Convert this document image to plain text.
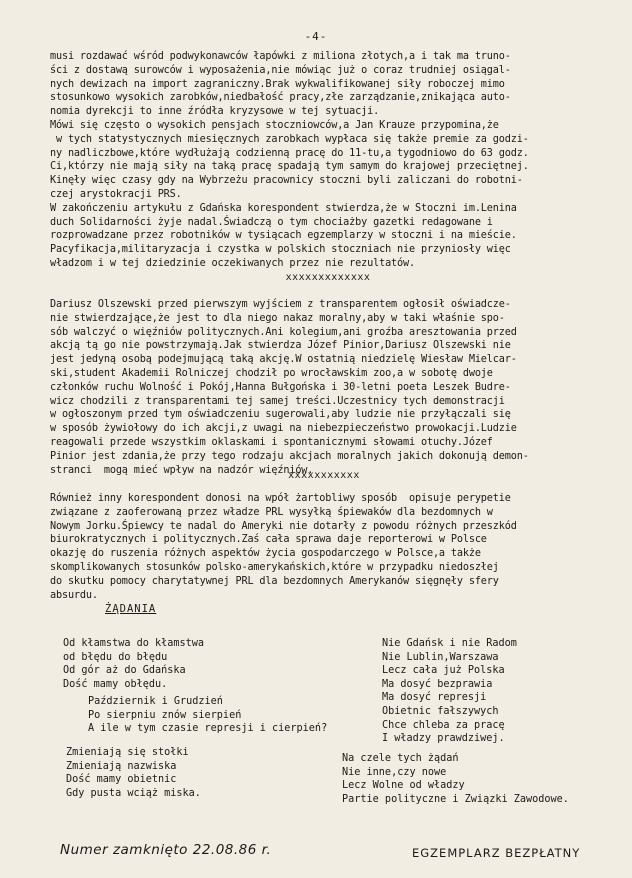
-4-
musi rozdawać wśród podwykonawców łapówki z miliona złotych,a i tak ma truno-
ści z dostawą surowców i wyposażenia,nie mówiąc już o coraz trudniej osiągal-
nych dewizach na import zagraniczny.Brak wykwalifikowanej siły roboczej mimo
stosunkowo wysokich zarobków,niedbałość pracy,złe zarządzanie,znikająca auto-
nomia dyrekcji to inne źródła kryzysowe w tej sytuacji.
Mówi się często o wysokich pensjach stoczniowców,a Jan Krauze przypomina,że
w tych statystycznych miesięcznych zarobkach wypłaca się także premie za godzi-
ny nadliczbowe,które wydłużają codzienną pracę do 11-tu,a tygodniowo do 63 godz.
Ci,którzy nie mają siły na taką pracę spadają tym samym do krajowej przeciętnej.
Kinęły więc czasy gdy na Wybrzeżu pracownicy stoczni byli zaliczani do robotni-
czej arystokracji PRS.
W zakończeniu artykułu z Gdańska korespondent stwierdza,że w Stoczni im.Lenina
duch Solidarności żyje nadal.Świadczą o tym chociażby gazetki redagowane i
rozprowadzane przez robotników w tysiącach egzemplarzy w stoczni i na mieście.
Pacyfikacja,militaryzacja i czystka w polskich stoczniach nie przyniosły więc
władzom i w tej dziedzinie oczekiwanych przez nie rezultatów.
xxxxxxxxxxxxx
Dariusz Olszewski przed pierwszym wyjściem z transparentem ogłosił oświadcze-
nie stwierdzające,że jest to dla niego nakaz moralny,aby w taki właśnie spo-
sób walczyć o więźniów politycznych.Ani kolegium,ani groźba aresztowania przed
akcją tą go nie powstrzymają.Jak stwierdza Józef Pinior,Dariusz Olszewski nie
jest jedyną osobą podejmującą taką akcję.W ostatnią niedzielę Wiesław Mielcar-
ski,student Akademii Rolniczej chodził po wrocławskim zoo,a w sobotę dwoje
członków ruchu Wolność i Pokój,Hanna Bułgońska i 30-letni poeta Leszek Budre-
wicz chodzili z transparentami tej samej treści.Uczestnicy tych demonstracji
w ogłoszonym przed tym oświadczeniu sugerowali,aby ludzie nie przyłączali się
w sposób żywiołowy do ich akcji,z uwagi na niebezpieczeństwo prowokacji.Ludzie
reagowali przede wszystkim oklaskami i spontanicznymi słowami otuchy.Józef
Pinior jest zdania,że przy tego rodzaju akcjach moralnych jakich dokonują demon-
stranci  mogą mieć wpływ na nadzór więźniów.
xxxxxxxxxxx
Również inny korespondent donosi na wpół żartobliwy sposób  opisuje perypetie
związane z zaoferowaną przez władze PRL wysyłką śpiewaków dla bezdomnych w
Nowym Jorku.Śpiewcy te nadal do Ameryki nie dotarły z powodu różnych przeszkód
biurokratycznych i politycznych.Zaś cała sprawa daje reporterowi w Polsce
okazję do ruszenia różnych aspektów życia gospodarczego w Polsce,a także
skomplikowanych stosunków polsko-amerykańskich,które w przypadku niedoszłej
do skutku pomocy charytatywnej PRL dla bezdomnych Amerykanów sięgnęły sfery
absurdu.
ŻĄDANIA
Od kłamstwa do kłamstwa
od błędu do błędu
Od gór aż do Gdańska
Dość mamy obłędu.
Październik i Grudzień
Po sierpniu znów sierpień
A ile w tym czasie represji i cierpień?
Zmieniają się stołki
Zmieniają nazwiska
Dość mamy obietnic
Gdy pusta wciąż miska.
Nie Gdańsk i nie Radom
Nie Lublin,Warszawa
Lecz cała już Polska
Ma dosyć bezprawia
Ma dosyć represji
Obietnic fałszywych
Chce chleba za pracę
I władzy prawdziwej.
Na czele tych żądań
Nie inne,czy nowe
Lecz Wolne od władzy
Partie polityczne i Związki Zawodowe.
Numer zamknięto 22.08.86 r.	EGZEMPLARZ BEZPŁATNY
